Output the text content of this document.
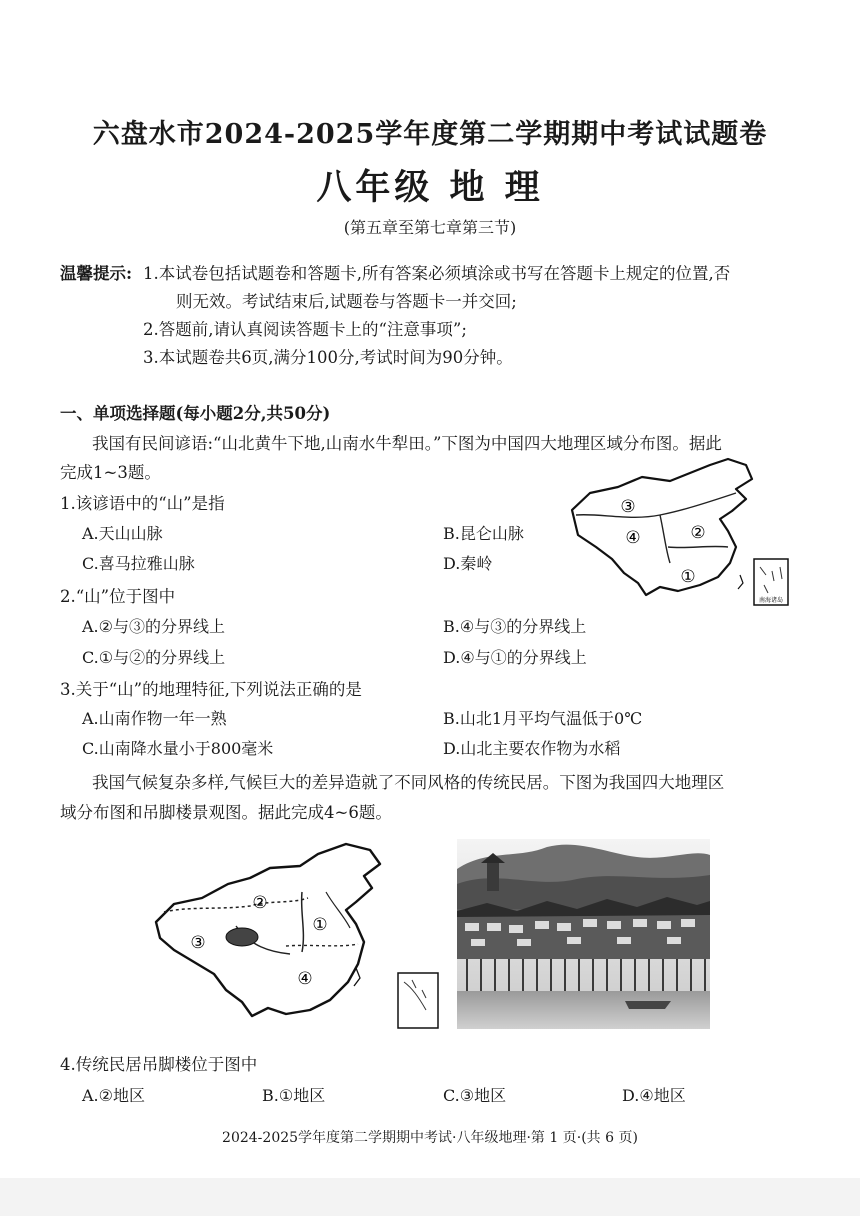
六盘水市2024-2025学年度第二学期期中考试试题卷
八年级 地 理
(第五章至第七章第三节)
温馨提示: 1.本试卷包括试题卷和答题卡,所有答案必须填涂或书写在答题卡上规定的位置,否
则无效。考试结束后,试题卷与答题卡一并交回;
2.答题前,请认真阅读答题卡上的“注意事项”;
3.本试题卷共6页,满分100分,考试时间为90分钟。
一、单项选择题(每小题2分,共50分)
我国有民间谚语:“山北黄牛下地,山南水牛犁田。”下图为中国四大地理区域分布图。据此
完成1~3题。
1.该谚语中的“山”是指
A.天山山脉	B.昆仑山脉
C.喜马拉雅山脉	D.秦岭
2.“山”位于图中
A.②与③的分界线上	B.④与③的分界线上
C.①与②的分界线上	D.④与①的分界线上
3.关于“山”的地理特征,下列说法正确的是
A.山南作物一年一熟	B.山北1月平均气温低于0℃
C.山南降水量小于800毫米	D.山北主要农作物为水稻
我国气候复杂多样,气候巨大的差异造就了不同风格的传统民居。下图为我国四大地理区
域分布图和吊脚楼景观图。据此完成4~6题。
③
④	②
①
南海诸岛
②
①
③
④
4.传统民居吊脚楼位于图中
A.②地区	B.①地区	C.③地区	D.④地区
2024-2025学年度第二学期期中考试·八年级地理·第 1 页·(共 6 页)
